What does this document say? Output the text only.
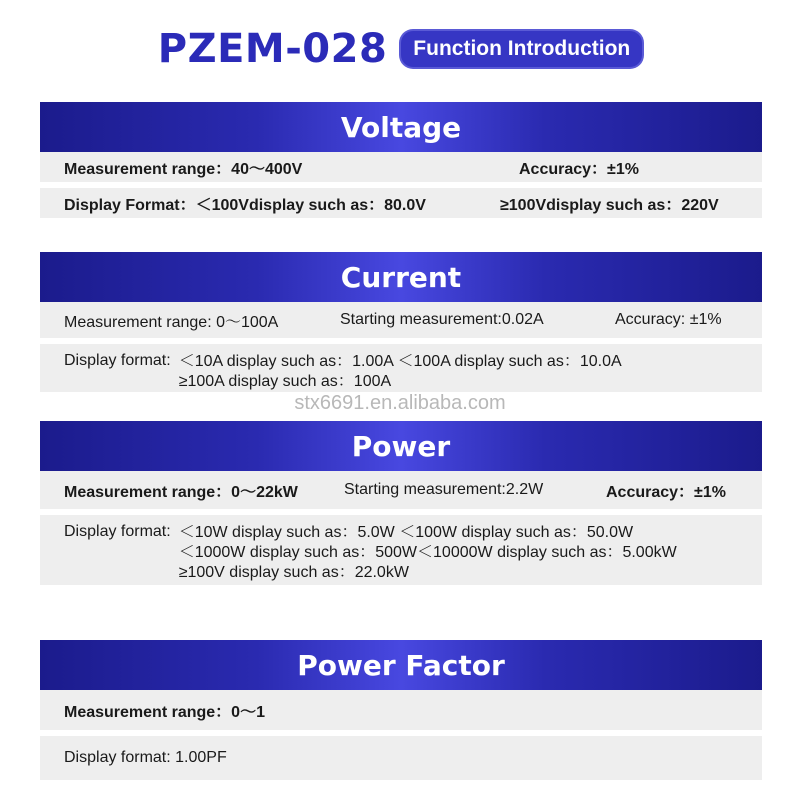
PZEM-028	Function Introduction
Voltage
Measurement range：40～400V	Accuracy：±1%
Display Format：＜100Vdisplay such as：80.0V	≥100Vdisplay such as：220V
Current
Measurement range: 0～100A	Starting measurement:0.02A	Accuracy: ±1%
Display format: ＜10A display such as：1.00A ＜100A display such as：10.0A
≥100A display such as：100A
stx6691.en.alibaba.com
Power
Measurement range：0～22kW	Starting measurement:2.2W	Accuracy：±1%
Display format: ＜10W display such as：5.0W ＜100W display such as：50.0W
＜1000W display such as：500W＜10000W display such as：5.00kW
≥100V display such as：22.0kW
Power Factor
Measurement range：0～1
Display format: 1.00PF
